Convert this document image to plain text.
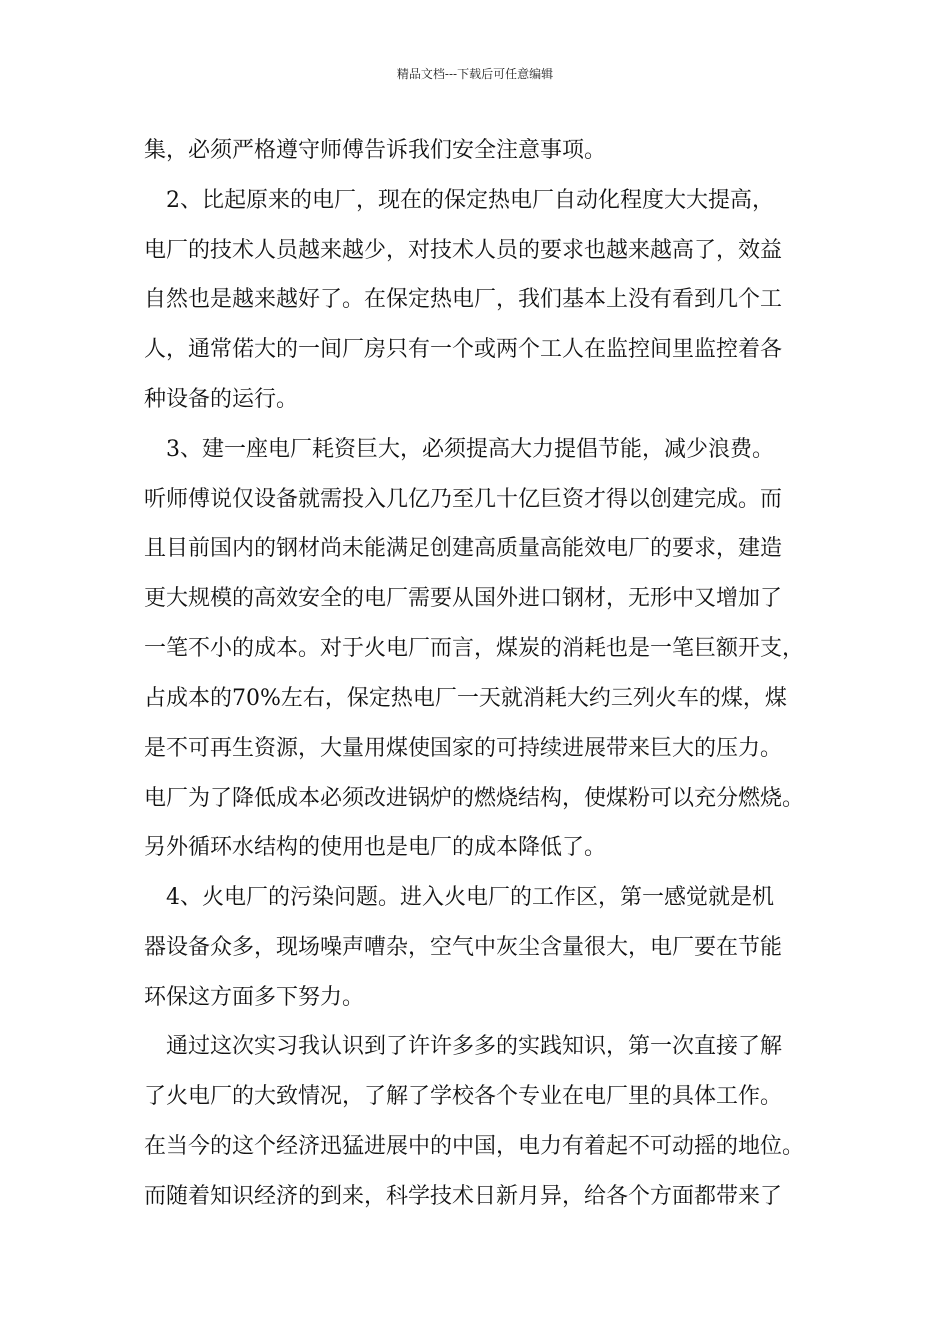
精品文档---下载后可任意编辑
集，必须严格遵守师傅告诉我们安全注意事项。
　2、比起原来的电厂，现在的保定热电厂自动化程度大大提高，
电厂的技术人员越来越少，对技术人员的要求也越来越高了，效益
自然也是越来越好了。在保定热电厂，我们基本上没有看到几个工
人，通常偌大的一间厂房只有一个或两个工人在监控间里监控着各
种设备的运行。
　3、建一座电厂耗资巨大，必须提高大力提倡节能，减少浪费。
听师傅说仅设备就需投入几亿乃至几十亿巨资才得以创建完成。而
且目前国内的钢材尚未能满足创建高质量高能效电厂的要求，建造
更大规模的高效安全的电厂需要从国外进口钢材，无形中又增加了
一笔不小的成本。对于火电厂而言，煤炭的消耗也是一笔巨额开支，
占成本的70%左右，保定热电厂一天就消耗大约三列火车的煤，煤
是不可再生资源，大量用煤使国家的可持续进展带来巨大的压力。
电厂为了降低成本必须改进锅炉的燃烧结构，使煤粉可以充分燃烧。
另外循环水结构的使用也是电厂的成本降低了。
　4、火电厂的污染问题。进入火电厂的工作区，第一感觉就是机
器设备众多，现场噪声嘈杂，空气中灰尘含量很大，电厂要在节能
环保这方面多下努力。
　通过这次实习我认识到了许许多多的实践知识，第一次直接了解
了火电厂的大致情况，了解了学校各个专业在电厂里的具体工作。
在当今的这个经济迅猛进展中的中国，电力有着起不可动摇的地位。
而随着知识经济的到来，科学技术日新月异，给各个方面都带来了
